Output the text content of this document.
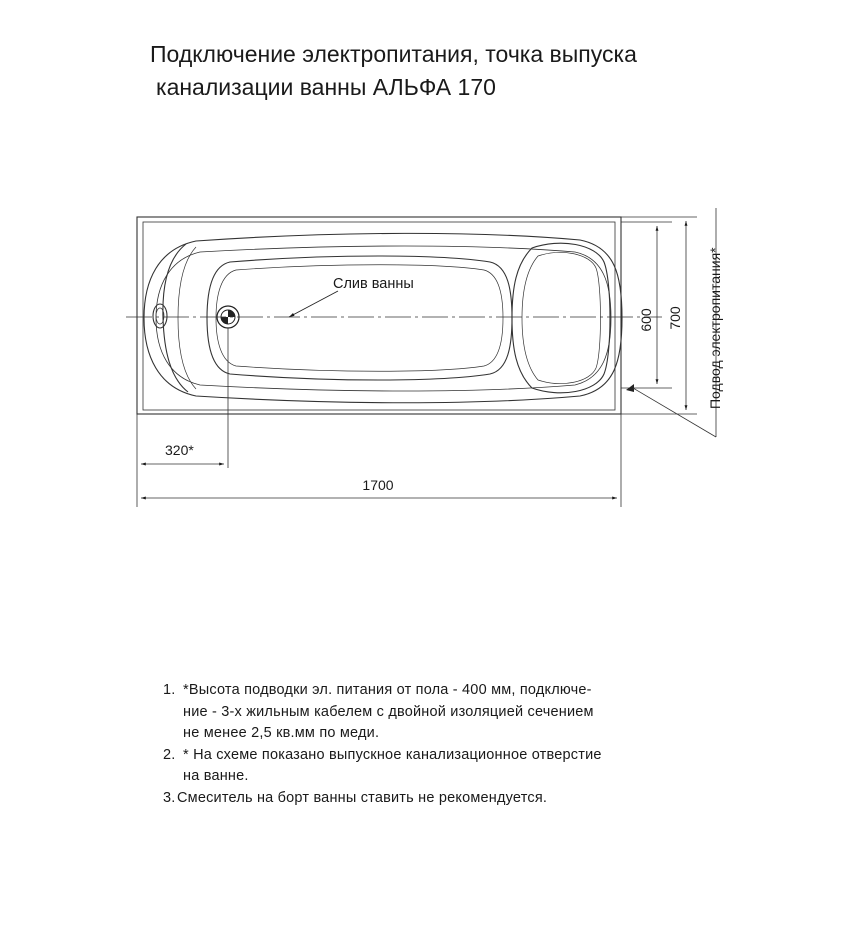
Подключение электропитания, точка выпуска
канализации ванны АЛЬФА 170
Слив ванны
600 700 Подвод электропитания*
320*
1700
1. *Высота подводки эл. питания от пола - 400 мм, подключе-
ние - 3-х жильным кабелем с двойной изоляцией сечением
не менее 2,5 кв.мм по меди.
2. * На схеме показано выпускное канализационное отверстие
на ванне.
3. Смеситель на борт ванны ставить не рекомендуется.
